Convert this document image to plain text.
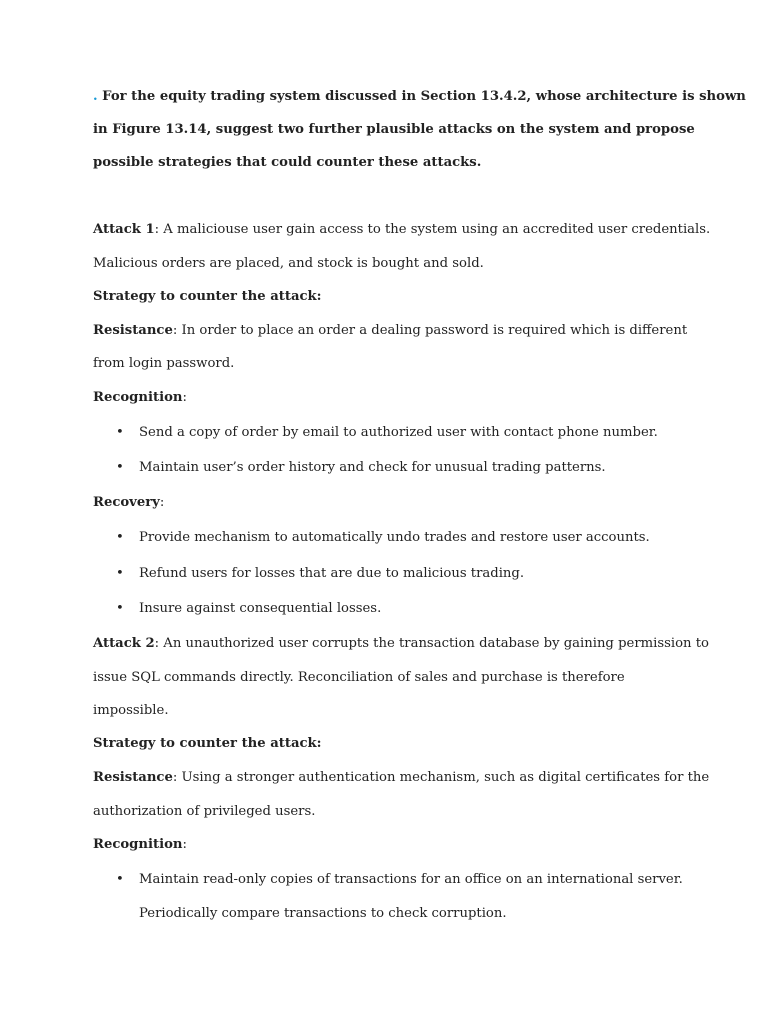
. For the equity trading system discussed in Section 13.4.2, whose architecture is shown
in Figure 13.14, suggest two further plausible attacks on the system and propose
possible strategies that could counter these attacks.
Attack 1: A maliciouse user gain access to the system using an accredited user credentials.
Malicious orders are placed, and stock is bought and sold.
Strategy to counter the attack:
Resistance: In order to place an order a dealing password is required which is different
from login password.
Recognition:
• Send a copy of order by email to authorized user with contact phone number.
• Maintain user’s order history and check for unusual trading patterns.
Recovery:
• Provide mechanism to automatically undo trades and restore user accounts.
• Refund users for losses that are due to malicious trading.
• Insure against consequential losses.
Attack 2: An unauthorized user corrupts the transaction database by gaining permission to
issue SQL commands directly. Reconciliation of sales and purchase is therefore
impossible.
Strategy to counter the attack:
Resistance: Using a stronger authentication mechanism, such as digital certificates for the
authorization of privileged users.
Recognition:
• Maintain read-only copies of transactions for an office on an international server.
Periodically compare transactions to check corruption.
